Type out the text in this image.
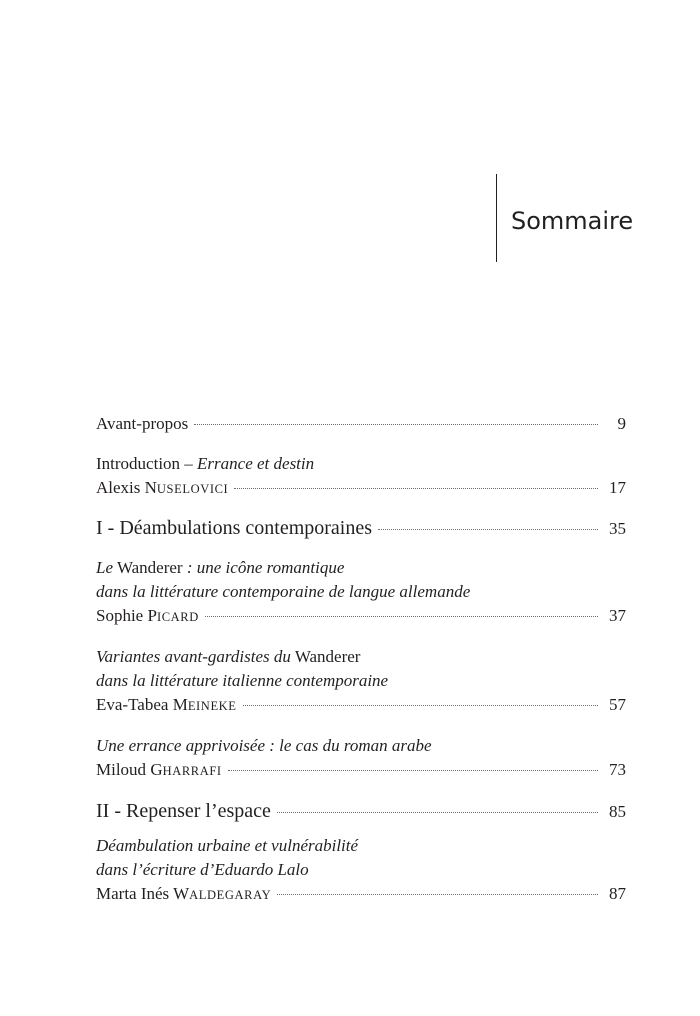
Sommaire
Avant-propos	9
Introduction – Errance et destin
Alexis NUSELOVICI	17
I - Déambulations contemporaines	35
Le Wanderer : une icône romantique
dans la littérature contemporaine de langue allemande
Sophie PICARD	37
Variantes avant-gardistes du Wanderer
dans la littérature italienne contemporaine
Eva-Tabea MEINEKE	57
Une errance apprivoisée : le cas du roman arabe
Miloud GHARRAFI	73
II - Repenser l’espace	85
Déambulation urbaine et vulnérabilité
dans l’écriture d’Eduardo Lalo
Marta Inés WALDEGARAY	87
